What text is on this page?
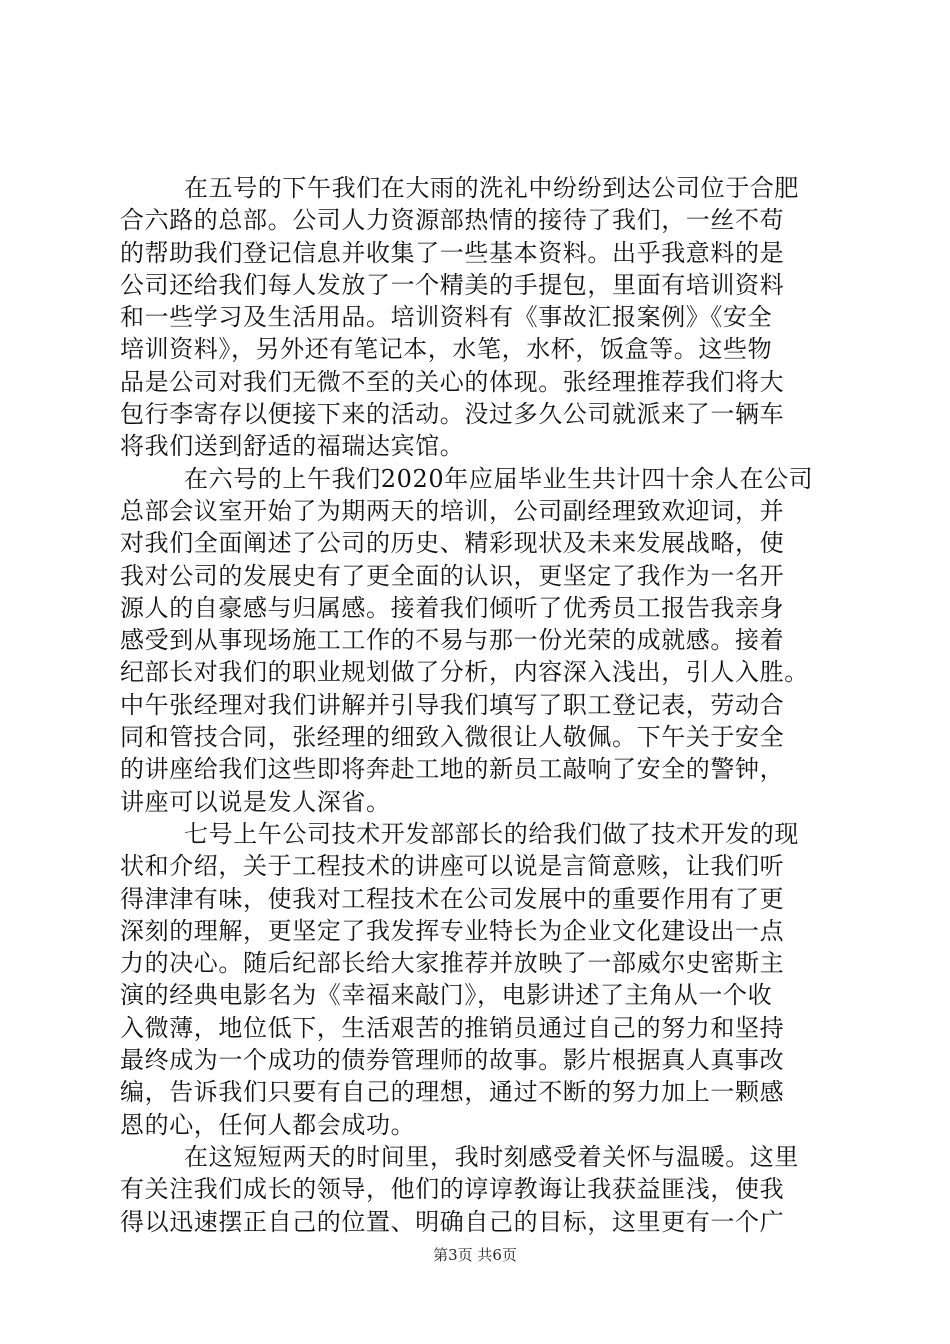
在五号的下午我们在大雨的洗礼中纷纷到达公司位于合肥
合六路的总部。公司人力资源部热情的接待了我们，一丝不苟
的帮助我们登记信息并收集了一些基本资料。出乎我意料的是
公司还给我们每人发放了一个精美的手提包，里面有培训资料
和一些学习及生活用品。培训资料有《事故汇报案例》《安全
培训资料》，另外还有笔记本，水笔，水杯，饭盒等。这些物
品是公司对我们无微不至的关心的体现。张经理推荐我们将大
包行李寄存以便接下来的活动。没过多久公司就派来了一辆车
将我们送到舒适的福瑞达宾馆。
在六号的上午我们2020年应届毕业生共计四十余人在公司
总部会议室开始了为期两天的培训，公司副经理致欢迎词，并
对我们全面阐述了公司的历史、精彩现状及未来发展战略，使
我对公司的发展史有了更全面的认识，更坚定了我作为一名开
源人的自豪感与归属感。接着我们倾听了优秀员工报告我亲身
感受到从事现场施工工作的不易与那一份光荣的成就感。接着
纪部长对我们的职业规划做了分析，内容深入浅出，引人入胜。
中午张经理对我们讲解并引导我们填写了职工登记表，劳动合
同和管技合同，张经理的细致入微很让人敬佩。下午关于安全
的讲座给我们这些即将奔赴工地的新员工敲响了安全的警钟，
讲座可以说是发人深省。
七号上午公司技术开发部部长的给我们做了技术开发的现
状和介绍，关于工程技术的讲座可以说是言简意赅，让我们听
得津津有味，使我对工程技术在公司发展中的重要作用有了更
深刻的理解，更坚定了我发挥专业特长为企业文化建设出一点
力的决心。随后纪部长给大家推荐并放映了一部威尔史密斯主
演的经典电影名为《幸福来敲门》，电影讲述了主角从一个收
入微薄，地位低下，生活艰苦的推销员通过自己的努力和坚持
最终成为一个成功的债券管理师的故事。影片根据真人真事改
编，告诉我们只要有自己的理想，通过不断的努力加上一颗感
恩的心，任何人都会成功。
在这短短两天的时间里，我时刻感受着关怀与温暖。这里
有关注我们成长的领导，他们的谆谆教诲让我获益匪浅，使我
得以迅速摆正自己的位置、明确自己的目标，这里更有一个广
第3页 共6页
